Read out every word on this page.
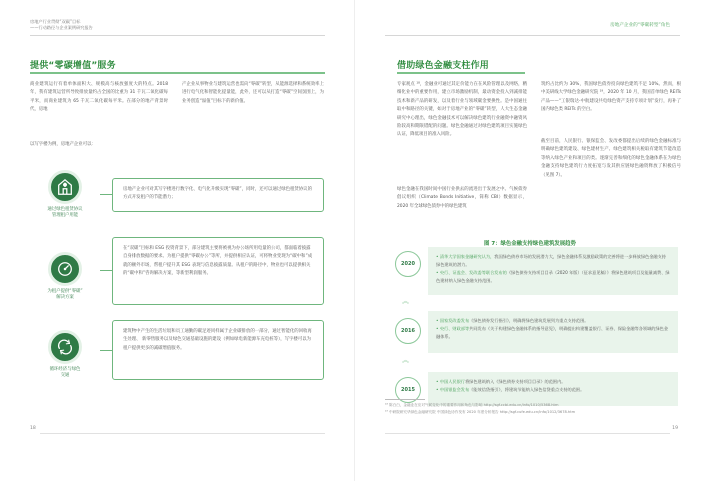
房地产行业贯彻“双碳”目标
——行动路径与企业案例研究报告
提供“零碳增值”服务
商业建筑运行有着单体面积大、规模高与核放强度大的特点。2018 年，我有建筑运营所导致排放量约占全国的比重为 31 千瓦二氧化碳每平米，而商业建筑为 65 千瓦二氧化碳每平米。在部分的地产背景时代，房地
产企业从事物业与建筑运营也需向“零碳”转型，从能源选择和系统效率上进行电气化和智能化提量能，此外，还可以从打造“零碳”空间氛围上，为业务创造“溢值”目标下的新价值。
以写字楼为例，房地产企业可以：
通过绿色租赁协议
管理租户用能
房地产企业可对其写字楼进行数字化、电气化升级实现“零碳”，同时，还可以通过绿色租赁协议的方式开发租户的节能潜力；
为租户提供“零碳”
解决方案
在“双碳”目标和 ESG 投资背景下，部分建筑主要将被视为办公场所用电量的公司，都面临着披露自身排放数据的要求。为租户提供“零碳办公”等所，并提供相应认证，可将物业变现为“碳中和”成就的额外市场，帮租户提升其 ESG 表现与信息披露质量。从租户的路径中，物业也可以提供相关的“碳中和”咨询解决方案，等新型利润服务。
循环经济与绿色
交通
建筑物中产生的生活垃圾和员工通勤的碳足迹同样属于企业碳排放的一部分，通过智能化的回收再生处理、 新零售服务以及绿色交通基础设施的建设（例如绿电新能源车充电桩等），写字楼可以为租户提供更多的减碳增值服务。
18
房地产企业的“零碳转型”角色
借助绿色金融支柱作用
专家观点 ¹⁸，金融业可通过其定价能力在在风险管理以及网络，精细化业中的重要作用，建立市场激励机制，最动资金投入到减排能技术和新产品的研发，以及着行业与领域碳金要换性。是中国通往取中和路径的关键，如对于房地产业的“零碳”转型，人大生态金融研究中心理出，绿色金融技术可以解决绿色建筑行业融资中融资风险较高和期限错配的问题。绿色金融通过对绿色建筑项目实施绿色认证，降低项目的准入风险。
绿色金融在我国时间中国行业供去的流进出于发展之中。气候债券倡议组织（Climate Bonds Initiative，简称 CBI）数据显示，2020 年全球绿色债券中的绿色建筑
筑约占比约为 30%，我国绿色债券投向绿色建筑不足 10%。然而，根中美研线大学绿色金融研究院 ¹⁹，2020 年 10 月，我国首单绿色 REITs 产品——“工银瑞达-中航建设共电绿色资产支持专项计划”发行，再补了国内绿色类 REITs 的空白。
截至目前，人民银行、银保监会、发改委都提出后续的绿色金融标准与明确绿色建筑建设、绿色建材生产、绿色建筑相关税取有建筑节能改造等纳入绿色产业和项目的类。逐渐完善和细化的绿色金融体系在为绿色金融支持绿色建筑行力度拓宽与发其供应链绿色融资释放了积极信号（见图 7）。
图 7：绿色金融支持绿色建筑发展趋势
2020
• 清华大学国家金融研究认为，我国绿色债券市场的发展潜力大，绿色金融体系及激励政策的完善将进一步释放绿色金融支持绿色建筑的潜力。
• 央行、证监会、发改委等联合发布的《绿色债券支持项目目录（2020 年版）（征求意见稿）》将绿色建筑项目及能量减费、绿色建材纳入绿色金融支持范围。
︽
2016
• 国家发改委发布《绿色债券发行指引》，明确将绿色建筑发展列为重点支持范围。
• 央行、财政部等共同发布《关于构建绿色金融体系的指导意见》，明确提出构建覆盖银行、证券、保险金融等各领域的绿色金融体系。
︽
2015
• 中国人民银行将绿色建筑纳入《绿色债券支持项目目录》的范围内。
• 中国银监会发布《能效信贷指引》，将建筑节能纳入绿色信贷重点支持的范围。
¹⁸ 陈白白，金融业在应对气候变化中的重要作用和角色与影响 http://sgf.ccbi.edu.cn/info/1010/5368.htm
¹⁹ 中研院研究华绿色金融研究院 中国绿色协作发布 2020 年度分析报告 http://sgf.cufe.edu.cn/info/1012/3678.htm
19
